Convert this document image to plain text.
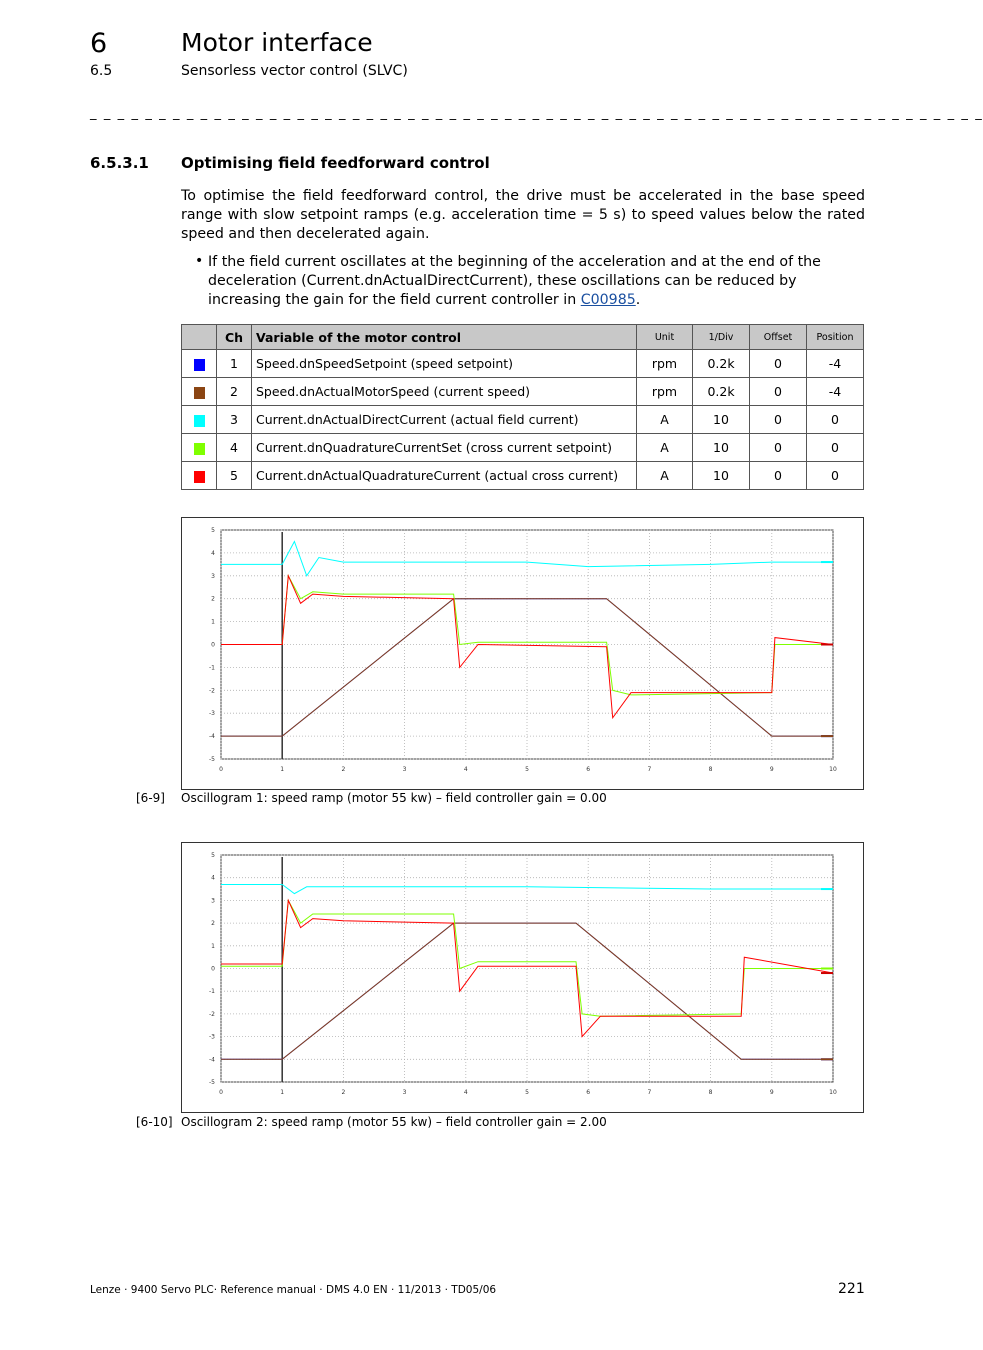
6	Motor interface
6.5	Sensorless vector control (SLVC)
_ _ _ _ _ _ _ _ _ _ _ _ _ _ _ _ _ _ _ _ _ _ _ _ _ _ _ _ _ _ _ _ _ _ _ _ _ _ _ _ _ _ _ _ _ _ _ _ _ _ _ _ _ _ _ _ _ _ _ _ _ _ _ _ _
6.5.3.1 Optimising field feedforward control
To optimise the field feedforward control, the drive must be accelerated in the base speed range with slow setpoint ramps (e.g. acceleration time = 5 s) to speed values below the rated speed and then decelerated again.
• If the field current oscillates at the beginning of the acceleration and at the end of the deceleration (Current.dnActualDirectCurrent), these oscillations can be reduced by increasing the gain for the field current controller in C00985.
	Ch	Variable of the motor control	Unit	1/Div	Offset	Position
	1	Speed.dnSpeedSetpoint (speed setpoint)	rpm	0.2k	0	-4
	2	Speed.dnActualMotorSpeed (current speed)	rpm	0.2k	0	-4
	3	Current.dnActualDirectCurrent (actual field current)	A	10	0	0
	4	Current.dnQuadratureCurrentSet (cross current setpoint)	A	10	0	0
	5	Current.dnActualQuadratureCurrent (actual cross current)	A	10	0	0
0	1	2	3	4	5	6	7	8	9	10
5
4
3
2
1
0
-1
-2
-3
-4
-5
[6-9] Oscillogram 1: speed ramp (motor 55 kw) – field controller gain = 0.00
0	1	2	3	4	5	6	7	8	9	10
5
4
3
2
1
0
-1
-2
-3
-4
-5
[6-10] Oscillogram 2: speed ramp (motor 55 kw) – field controller gain = 2.00
Lenze · 9400 Servo PLC· Reference manual · DMS 4.0 EN · 11/2013 · TD05/06	221
